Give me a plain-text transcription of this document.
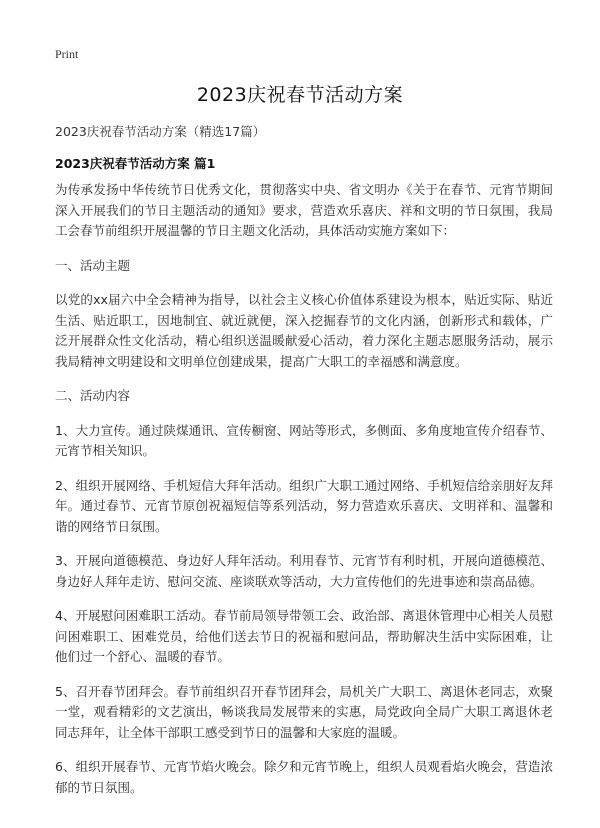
Print
2023庆祝春节活动方案
2023庆祝春节活动方案（精选17篇）
2023庆祝春节活动方案 篇1

为传承发扬中华传统节日优秀文化，贯彻落实中央、省文明办《关于在春节、元宵节期间深入开展我们的节日主题活动的通知》要求，营造欢乐喜庆、祥和文明的节日氛围，我局工会春节前组织开展温馨的节日主题文化活动，具体活动实施方案如下：

一、活动主题

以党的xx届六中全会精神为指导，以社会主义核心价值体系建设为根本，贴近实际、贴近生活、贴近职工，因地制宜、就近就便，深入挖掘春节的文化内涵，创新形式和载体，广泛开展群众性文化活动，精心组织送温暖献爱心活动，着力深化主题志愿服务活动，展示我局精神文明建设和文明单位创建成果，提高广大职工的幸福感和满意度。

二、活动内容

1、大力宣传。通过陕煤通讯、宣传橱窗、网站等形式，多侧面、多角度地宣传介绍春节、元宵节相关知识。

2、组织开展网络、手机短信大拜年活动。组织广大职工通过网络、手机短信给亲朋好友拜年。通过春节、元宵节原创祝福短信等系列活动，努力营造欢乐喜庆、文明祥和、温馨和谐的网络节日氛围。

3、开展向道德模范、身边好人拜年活动。利用春节、元宵节有利时机，开展向道德模范、身边好人拜年走访、慰问交流、座谈联欢等活动，大力宣传他们的先进事迹和崇高品德。

4、开展慰问困难职工活动。春节前局领导带领工会、政治部、离退休管理中心相关人员慰问困难职工、困难党员，给他们送去节日的祝福和慰问品，帮助解决生活中实际困难，让他们过一个舒心、温暖的春节。

5、召开春节团拜会。春节前组织召开春节团拜会，局机关广大职工、离退休老同志，欢聚一堂，观看精彩的文艺演出，畅谈我局发展带来的实惠，局党政向全局广大职工离退休老同志拜年，让全体干部职工感受到节日的温馨和大家庭的温暖。

6、组织开展春节、元宵节焰火晚会。除夕和元宵节晚上，组织人员观看焰火晚会，营造浓郁的节日氛围。
